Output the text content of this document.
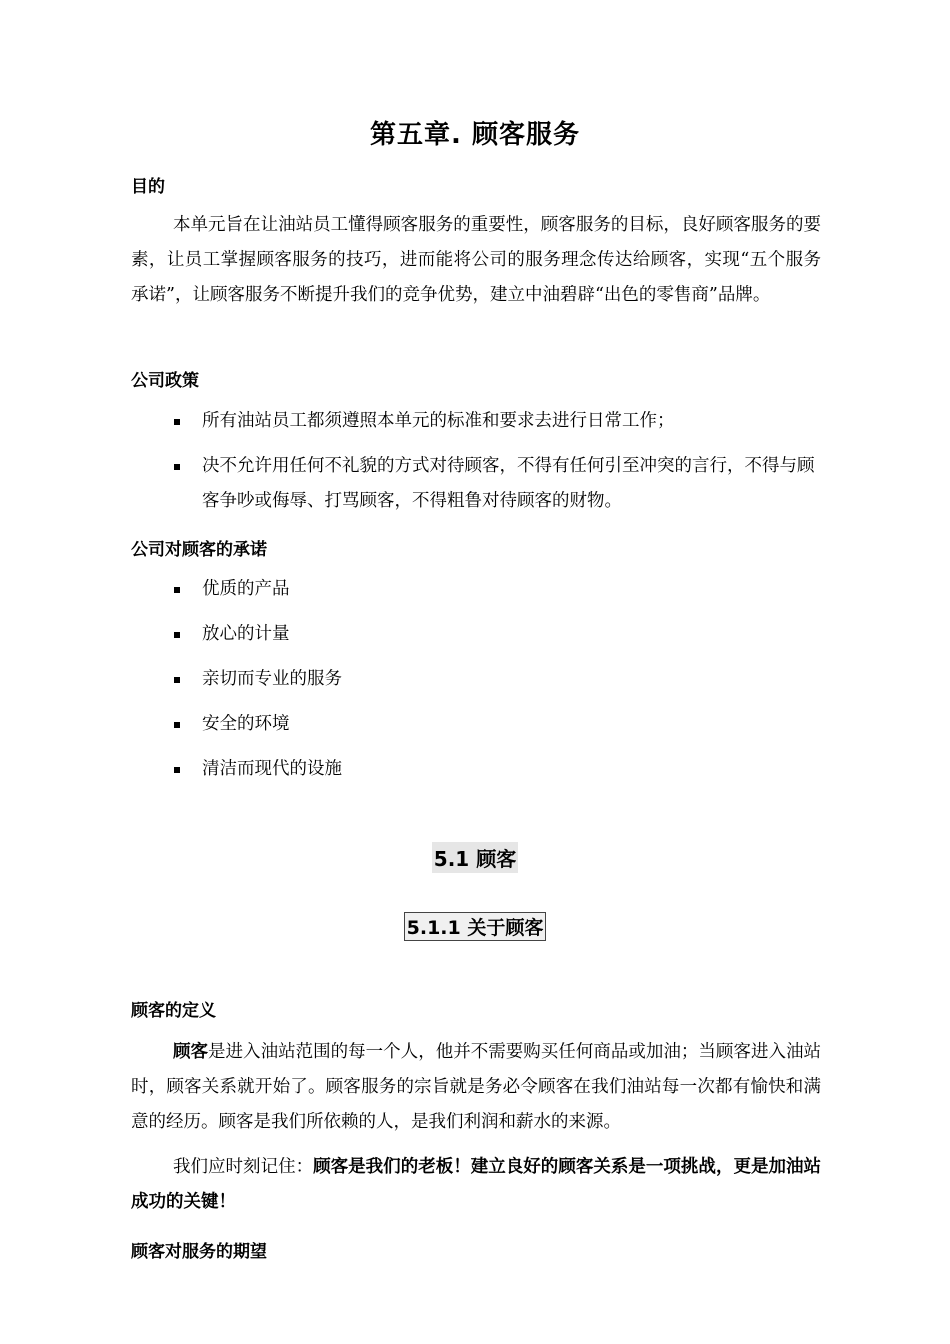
第五章. 顾客服务
目的

本单元旨在让油站员工懂得顾客服务的重要性，顾客服务的目标，良好顾客服务的要素，让员工掌握顾客服务的技巧，进而能将公司的服务理念传达给顾客，实现“五个服务承诺”，让顾客服务不断提升我们的竞争优势，建立中油碧辟“出色的零售商”品牌。

公司政策
所有油站员工都须遵照本单元的标准和要求去进行日常工作；
决不允许用任何不礼貌的方式对待顾客，不得有任何引至冲突的言行，不得与顾客争吵或侮辱、打骂顾客，不得粗鲁对待顾客的财物。
公司对顾客的承诺
优质的产品
放心的计量
亲切而专业的服务
安全的环境
清洁而现代的设施
5.1 顾客
5.1.1 关于顾客
顾客的定义

顾客是进入油站范围的每一个人，他并不需要购买任何商品或加油；当顾客进入油站时，顾客关系就开始了。顾客服务的宗旨就是务必令顾客在我们油站每一次都有愉快和满意的经历。顾客是我们所依赖的人，是我们利润和薪水的来源。

我们应时刻记住：顾客是我们的老板！建立良好的顾客关系是一项挑战，更是加油站成功的关键！

顾客对服务的期望
